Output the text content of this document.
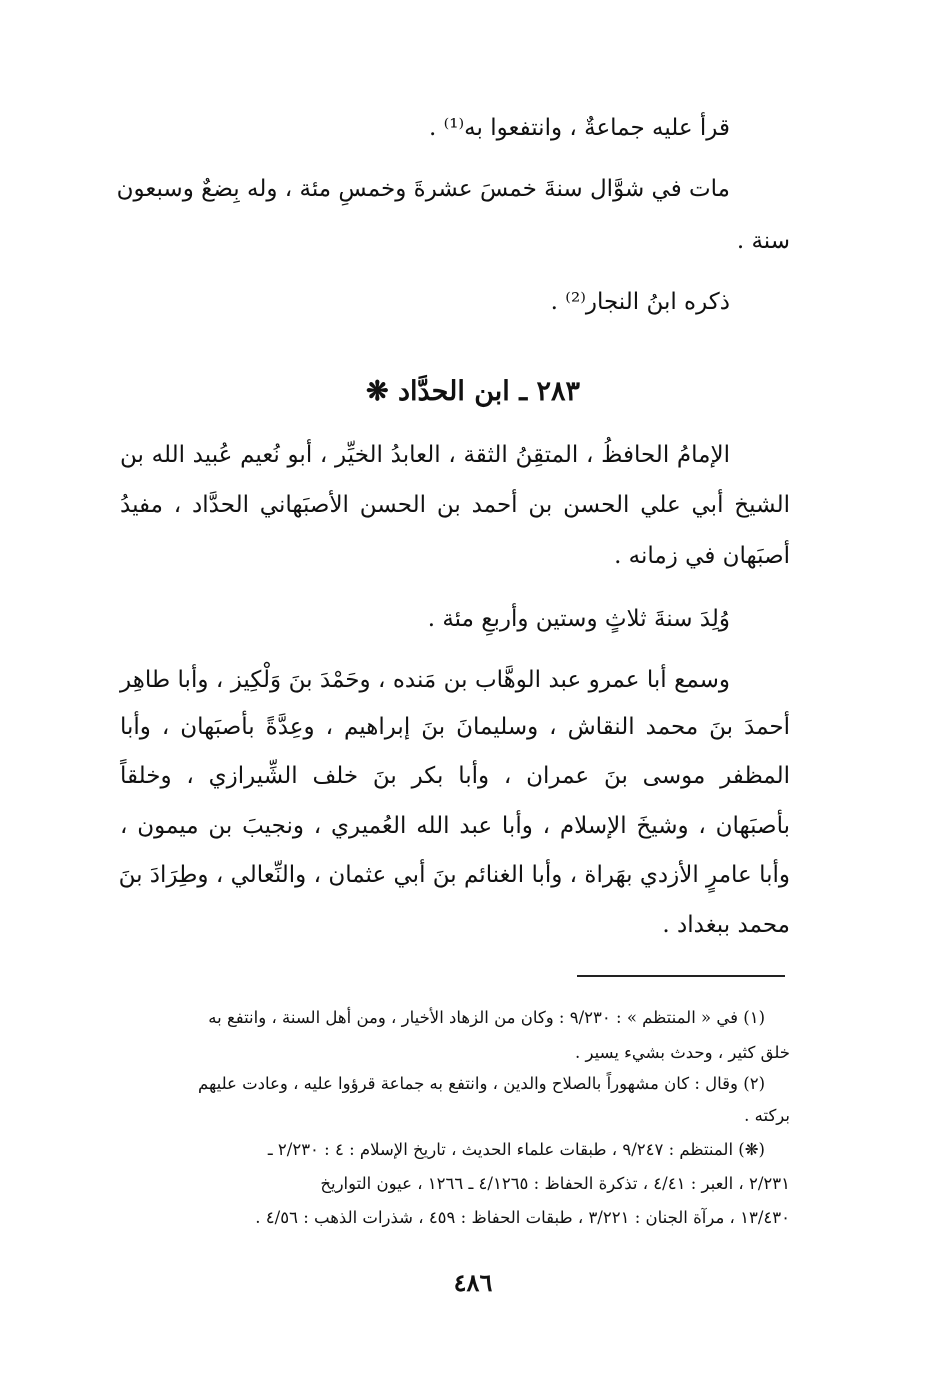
قرأ عليه جماعةٌ ، وانتفعوا به⁽¹⁾ .
مات في شوَّال سنةَ خمسَ عشرةَ وخمسِ مئة ، وله بِضعٌ وسبعون
سنة .
ذكره ابنُ النجار⁽²⁾ .
الإمامُ الحافظُ ، المتقِنُ الثقة ، العابدُ الخيِّر ، أبو نُعيم عُبيد الله بن
الشيخ أبي علي الحسن بن أحمد بن الحسن الأصبَهاني الحدَّاد ، مفيدُ
أصبَهان في زمانه .
وُلِدَ سنةَ ثلاثٍ وستين وأربعِ مئة .
وسمع أبا عمرو عبد الوهَّاب بن مَنده ، وحَمْدَ بنَ وَلْكِيز ، وأبا طاهِر
أحمدَ بنَ محمد النقاش ، وسليمانَ بنَ إبراهيم ، وعِدَّةً بأصبَهان ، وأبا
المظفر موسى بنَ عمران ، وأبا بكر بنَ خلف الشِّيرازي ، وخلقاً
بأصبَهان ، وشيخَ الإسلام ، وأبا عبد الله العُميري ، ونجيبَ بن ميمون ،
وأبا عامرٍ الأزدي بهَراة ، وأبا الغنائم بنَ أبي عثمان ، والنِّعالي ، وطِرَادَ بنَ
محمد ببغداد .
٢٨٣ ـ ابن الحدَّاد ❋
(١) في « المنتظم » : ٩/٢٣٠ : وكان من الزهاد الأخيار ، ومن أهل السنة ، وانتفع به
خلق كثير ، وحدث بشيء يسير .
(٢) وقال : كان مشهوراً بالصلاح والدين ، وانتفع به جماعة قرؤوا عليه ، وعادت عليهم
بركته .
(❋) المنتظم : ٩/٢٤٧ ، طبقات علماء الحديث ، تاريخ الإسلام : ٤ : ٢/٢٣٠ ـ
٢/٢٣١ ، العبر : ٤/٤١ ، تذكرة الحفاظ : ٤/١٢٦٥ ـ ١٢٦٦ ، عيون التواريخ
١٣/٤٣٠ ، مرآة الجنان : ٣/٢٢١ ، طبقات الحفاظ : ٤٥٩ ، شذرات الذهب : ٤/٥٦ .
٤٨٦
